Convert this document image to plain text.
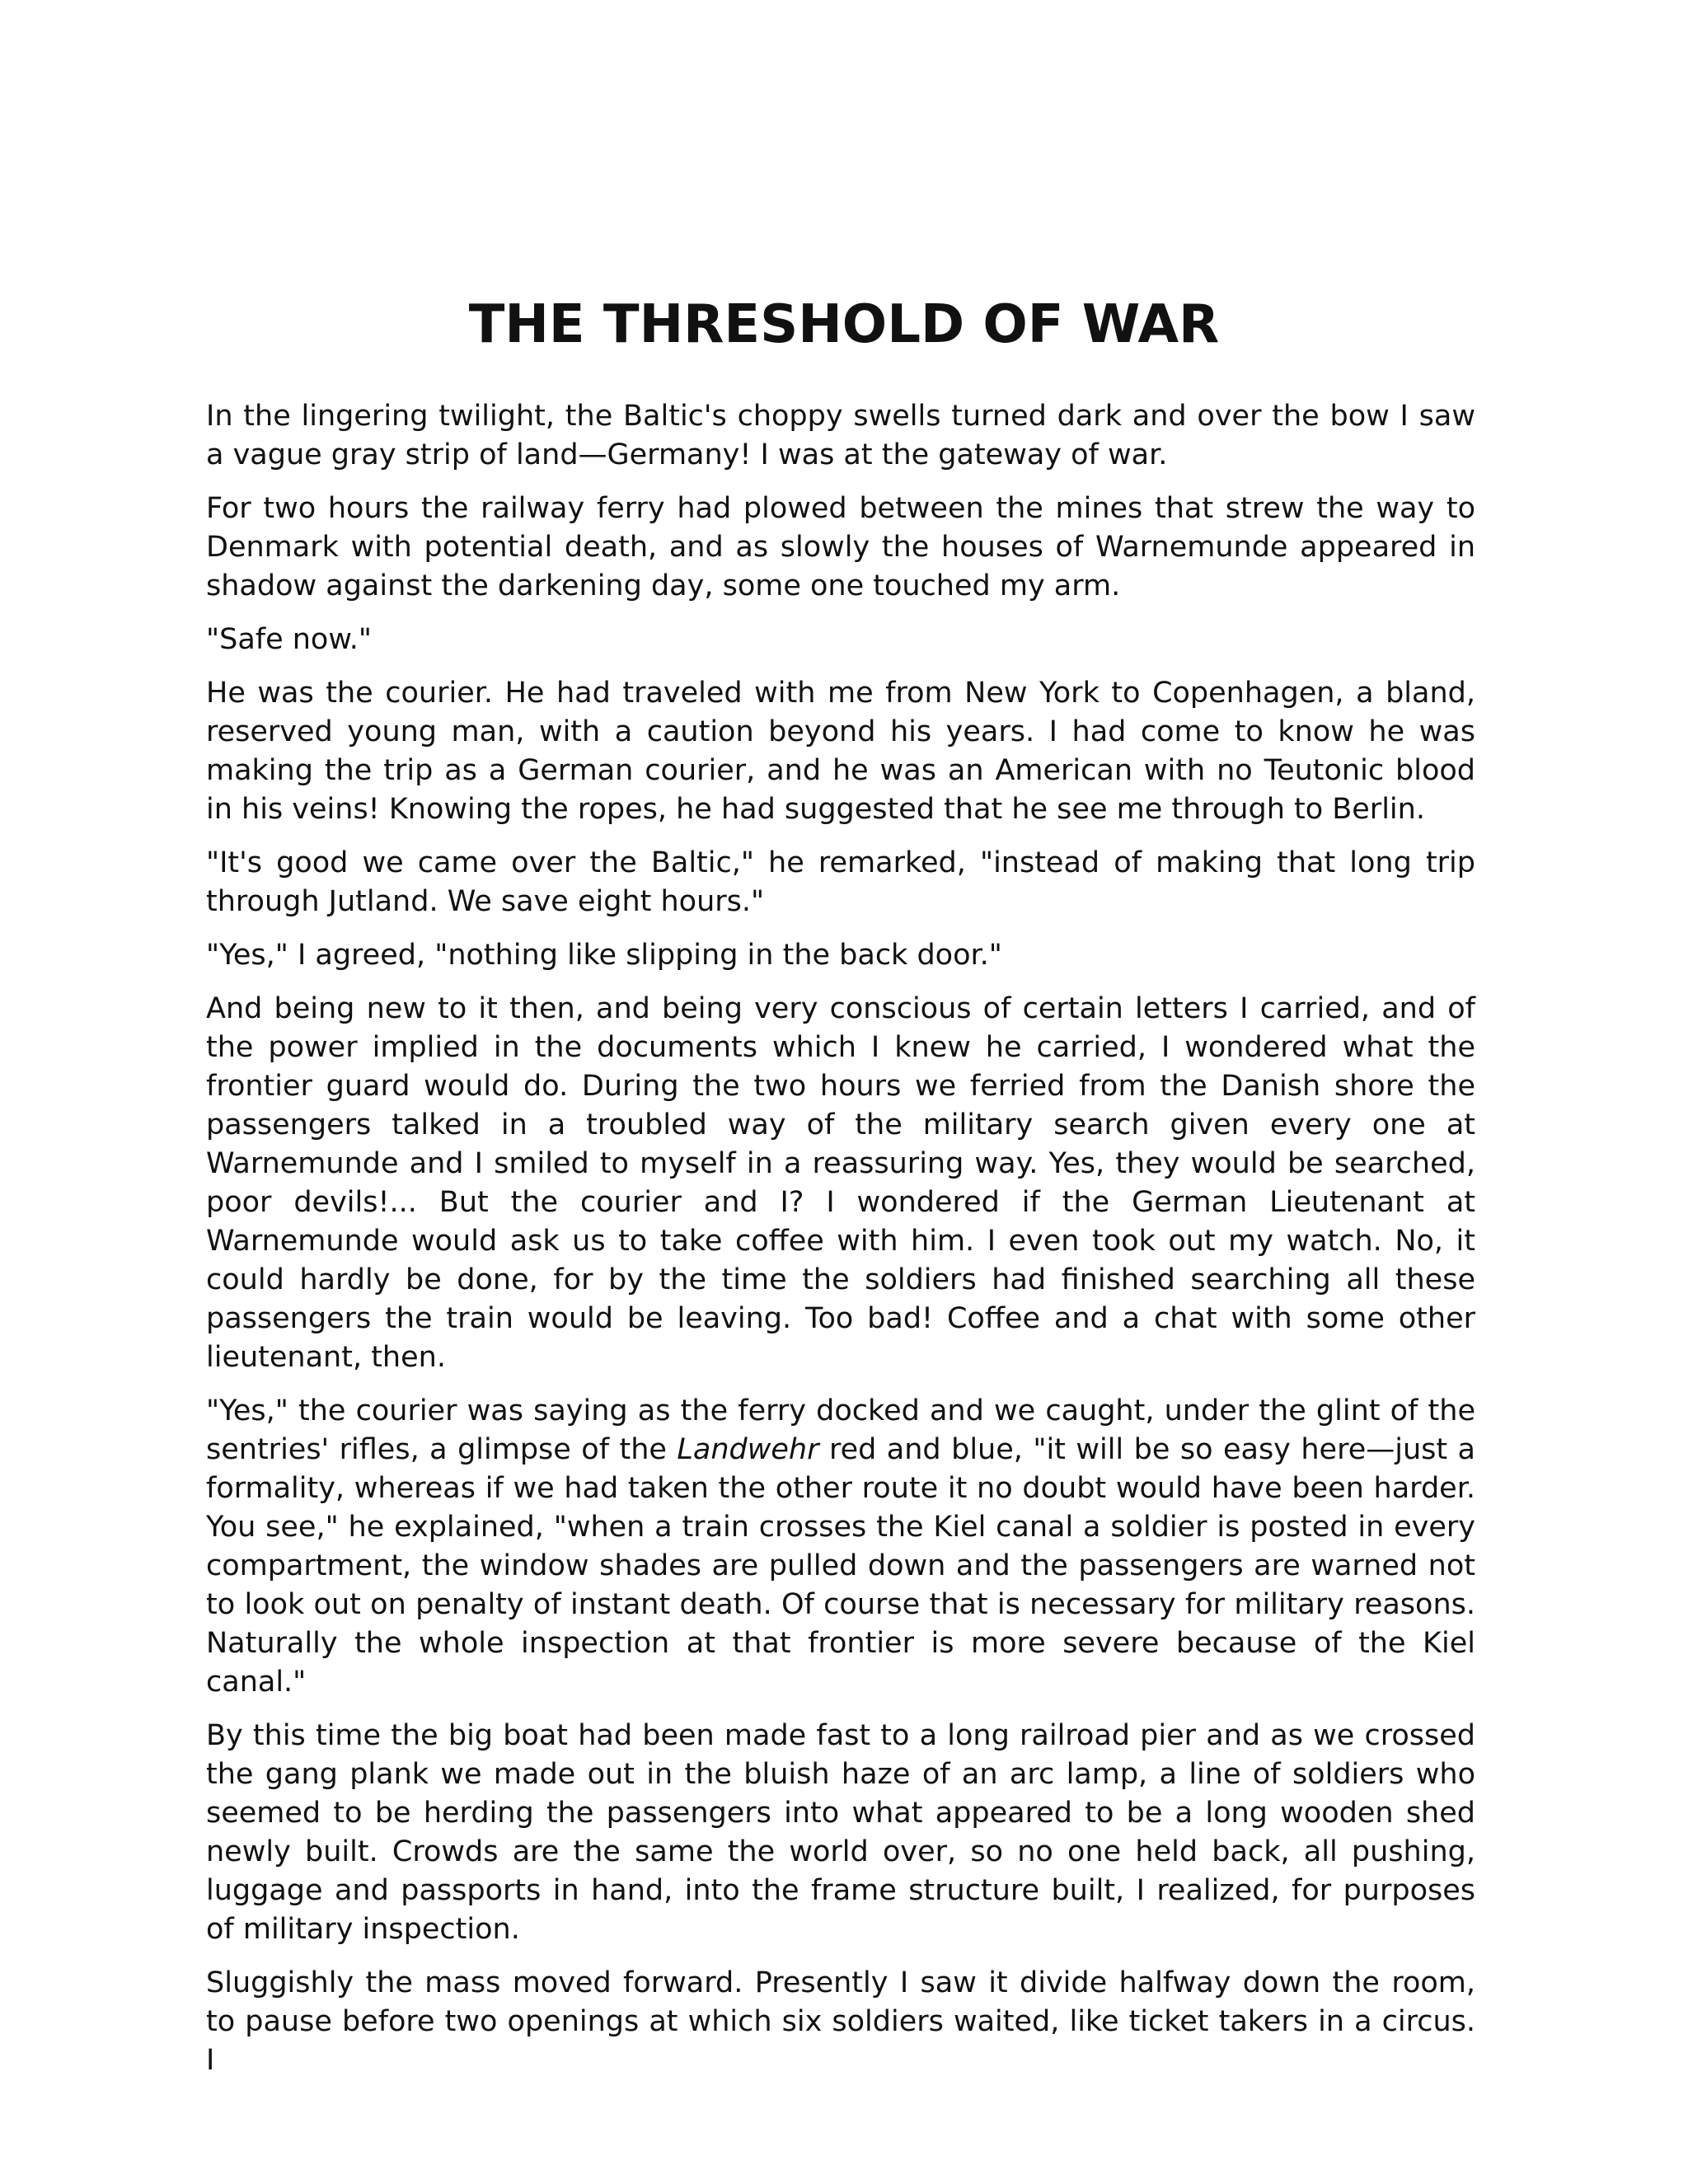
THE THRESHOLD OF WAR

In the lingering twilight, the Baltic's choppy swells turned dark and over the bow I saw a vague gray strip of land—Germany! I was at the gateway of war.

For two hours the railway ferry had plowed between the mines that strew the way to Denmark with potential death, and as slowly the houses of Warnemunde appeared in shadow against the darkening day, some one touched my arm.

"Safe now."

He was the courier. He had traveled with me from New York to Copenhagen, a bland, reserved young man, with a caution beyond his years. I had come to know he was making the trip as a German courier, and he was an American with no Teutonic blood in his veins! Knowing the ropes, he had suggested that he see me through to Berlin.

"It's good we came over the Baltic," he remarked, "instead of making that long trip through Jutland. We save eight hours."

"Yes," I agreed, "nothing like slipping in the back door."

And being new to it then, and being very conscious of certain letters I carried, and of the power implied in the documents which I knew he carried, I wondered what the frontier guard would do. During the two hours we ferried from the Danish shore the passengers talked in a troubled way of the military search given every one at Warnemunde and I smiled to myself in a reassuring way. Yes, they would be searched, poor devils!... But the courier and I? I wondered if the German Lieutenant at Warnemunde would ask us to take coffee with him. I even took out my watch. No, it could hardly be done, for by the time the soldiers had finished searching all these passengers the train would be leaving. Too bad! Coffee and a chat with some other lieutenant, then.

"Yes," the courier was saying as the ferry docked and we caught, under the glint of the sentries' rifles, a glimpse of the Landwehr red and blue, "it will be so easy here—just a formality, whereas if we had taken the other route it no doubt would have been harder. You see," he explained, "when a train crosses the Kiel canal a soldier is posted in every compartment, the window shades are pulled down and the passengers are warned not to look out on penalty of instant death. Of course that is necessary for military reasons. Naturally the whole inspection at that frontier is more severe because of the Kiel canal."

By this time the big boat had been made fast to a long railroad pier and as we crossed the gang plank we made out in the bluish haze of an arc lamp, a line of soldiers who seemed to be herding the passengers into what appeared to be a long wooden shed newly built. Crowds are the same the world over, so no one held back, all pushing, luggage and passports in hand, into the frame structure built, I realized, for purposes of military inspection.

Sluggishly the mass moved forward. Presently I saw it divide halfway down the room, to pause before two openings at which six soldiers waited, like ticket takers in a circus. I
